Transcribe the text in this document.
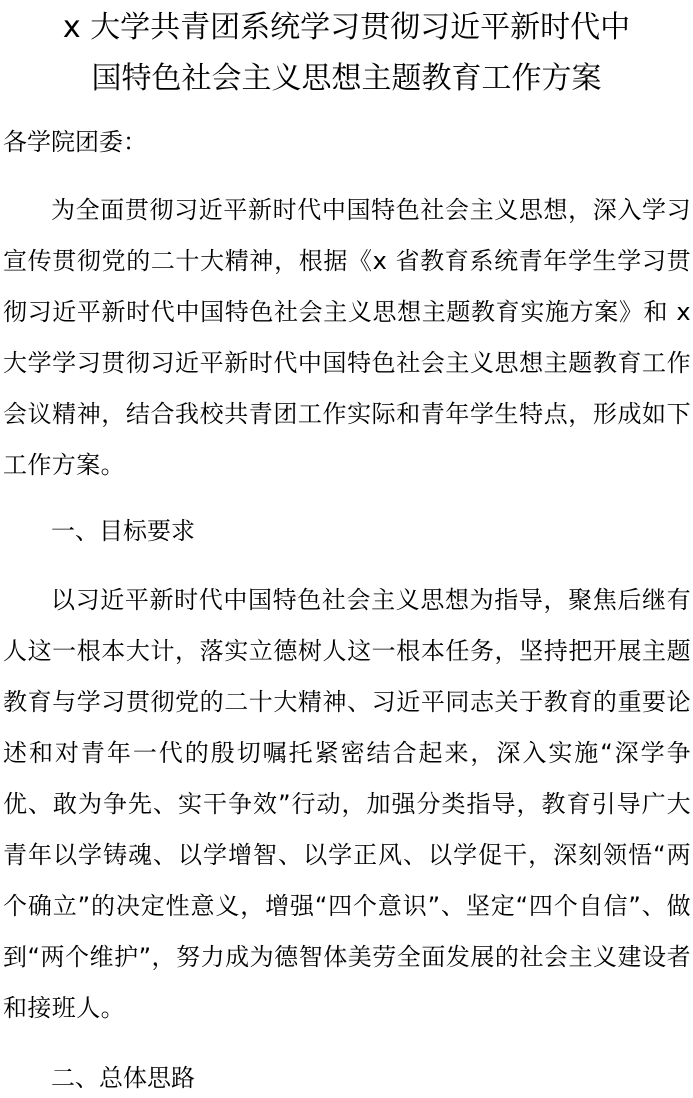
x 大学共青团系统学习贯彻习近平新时代中
国特色社会主义思想主题教育工作方案

各学院团委：

为全面贯彻习近平新时代中国特色社会主义思想，深入学习宣传贯彻党的二十大精神，根据《x 省教育系统青年学生学习贯彻习近平新时代中国特色社会主义思想主题教育实施方案》和 x 大学学习贯彻习近平新时代中国特色社会主义思想主题教育工作会议精神，结合我校共青团工作实际和青年学生特点，形成如下工作方案。

一、目标要求

以习近平新时代中国特色社会主义思想为指导，聚焦后继有人这一根本大计，落实立德树人这一根本任务，坚持把开展主题教育与学习贯彻党的二十大精神、习近平同志关于教育的重要论述和对青年一代的殷切嘱托紧密结合起来，深入实施“深学争优、敢为争先、实干争效”行动，加强分类指导，教育引导广大青年以学铸魂、以学增智、以学正风、以学促干，深刻领悟“两个确立”的决定性意义，增强“四个意识”、坚定“四个自信”、做到“两个维护”，努力成为德智体美劳全面发展的社会主义建设者和接班人。

二、总体思路
